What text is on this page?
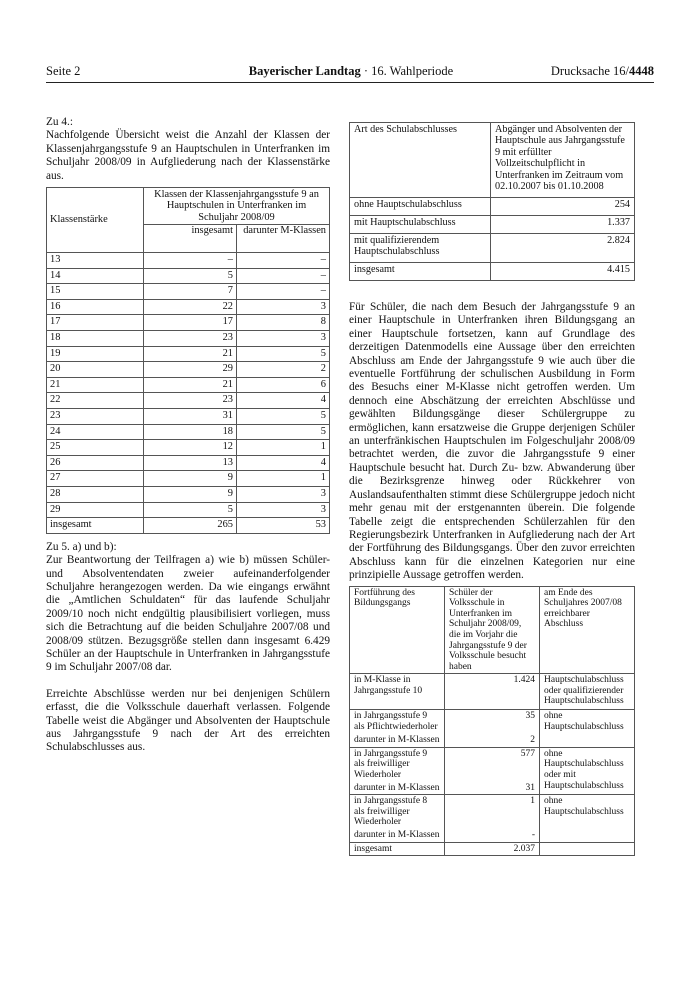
Seite 2	Bayerischer Landtag · 16. Wahlperiode	Drucksache 16/4448

Zu 4.:

Nachfolgende Übersicht weist die Anzahl der Klassen der Klassenjahrgangsstufe 9 an Hauptschulen in Unterfranken im Schuljahr 2008/09 in Aufgliederung nach der Klassenstärke aus.

Klassenstärke	Klassen der Klassenjahrgangsstufe 9 an Hauptschulen in Unterfranken im Schuljahr 2008/09	
	insgesamt	darunter M-Klassen
13	–	–
14	5	–
15	7	–
16	22	3
17	17	8
18	23	3
19	21	5
20	29	2
21	21	6
22	23	4
23	31	5
24	18	5
25	12	1
26	13	4
27	9	1
28	9	3
29	5	3
insgesamt	265	53

Zu 5. a) und b):

Zur Beantwortung der Teilfragen a) wie b) müssen Schüler- und Absolventendaten zweier aufeinanderfolgender Schuljahre herangezogen werden. Da wie eingangs erwähnt die „Amtlichen Schuldaten“ für das laufende Schuljahr 2009/10 noch nicht endgültig plausibilisiert vorliegen, muss sich die Betrachtung auf die beiden Schuljahre 2007/08 und 2008/09 stützen. Bezugsgröße stellen dann insgesamt 6.429 Schüler an der Hauptschule in Unterfranken in Jahrgangsstufe 9 im Schuljahr 2007/08 dar.

Erreichte Abschlüsse werden nur bei denjenigen Schülern erfasst, die die Volksschule dauerhaft verlassen. Folgende Tabelle weist die Abgänger und Absolventen der Hauptschule aus Jahrgangsstufe 9 nach der Art des erreichten Schulabschlusses aus.

Art des Schulabschlusses	Abgänger und Absolventen der Hauptschule aus Jahrgangsstufe 9 mit erfüllter Vollzeitschulpflicht in Unterfranken im Zeitraum vom 02.10.2007 bis 01.10.2008
ohne Hauptschulabschluss	254
mit Hauptschulabschluss	1.337
mit qualifizierendem Hauptschulabschluss	2.824
insgesamt	4.415

Für Schüler, die nach dem Besuch der Jahrgangsstufe 9 an einer Hauptschule in Unterfranken ihren Bildungsgang an einer Hauptschule fortsetzen, kann auf Grundlage des derzeitigen Datenmodells eine Aussage über den erreichten Abschluss am Ende der Jahrgangsstufe 9 wie auch über die eventuelle Fortführung der schulischen Ausbildung in Form des Besuchs einer M-Klasse nicht getroffen werden. Um dennoch eine Abschätzung der erreichten Abschlüsse und gewählten Bildungsgänge dieser Schülergruppe zu ermöglichen, kann ersatzweise die Gruppe derjenigen Schüler an unterfränkischen Hauptschulen im Folgeschuljahr 2008/09 betrachtet werden, die zuvor die Jahrgangsstufe 9 einer Hauptschule besucht hat. Durch Zu- bzw. Abwanderung über die Bezirksgrenze hinweg oder Rückkehrer von Auslandsaufenthalten stimmt diese Schülergruppe jedoch nicht mehr genau mit der erstgenannten überein. Die folgende Tabelle zeigt die entsprechenden Schülerzahlen für den Regierungsbezirk Unterfranken in Aufgliederung nach der Art der Fortführung des Bildungsgangs. Über den zuvor erreichten Abschluss kann für die einzelnen Kategorien nur eine prinzipielle Aussage getroffen werden.

Fortführung des Bildungsgangs	Schüler der Volksschule in Unterfranken im Schuljahr 2008/09, die im Vorjahr die Jahrgangsstufe 9 der Volksschule besucht haben	am Ende des Schuljahres 2007/08 erreichbarer Abschluss
in M-Klasse in Jahrgangsstufe 10	1.424	Hauptschulabschluss oder qualifizierender Hauptschulabschluss
in Jahrgangsstufe 9 als Pflichtwiederholer	35	ohne Hauptschulabschluss
darunter in M-Klassen	2	
in Jahrgangsstufe 9 als freiwilliger Wiederholer	577	ohne Hauptschulabschluss oder mit Hauptschulabschluss
darunter in M-Klassen	31	
in Jahrgangsstufe 8 als freiwilliger Wiederholer	1	ohne Hauptschulabschluss
darunter in M-Klassen	-	
insgesamt	2.037	
